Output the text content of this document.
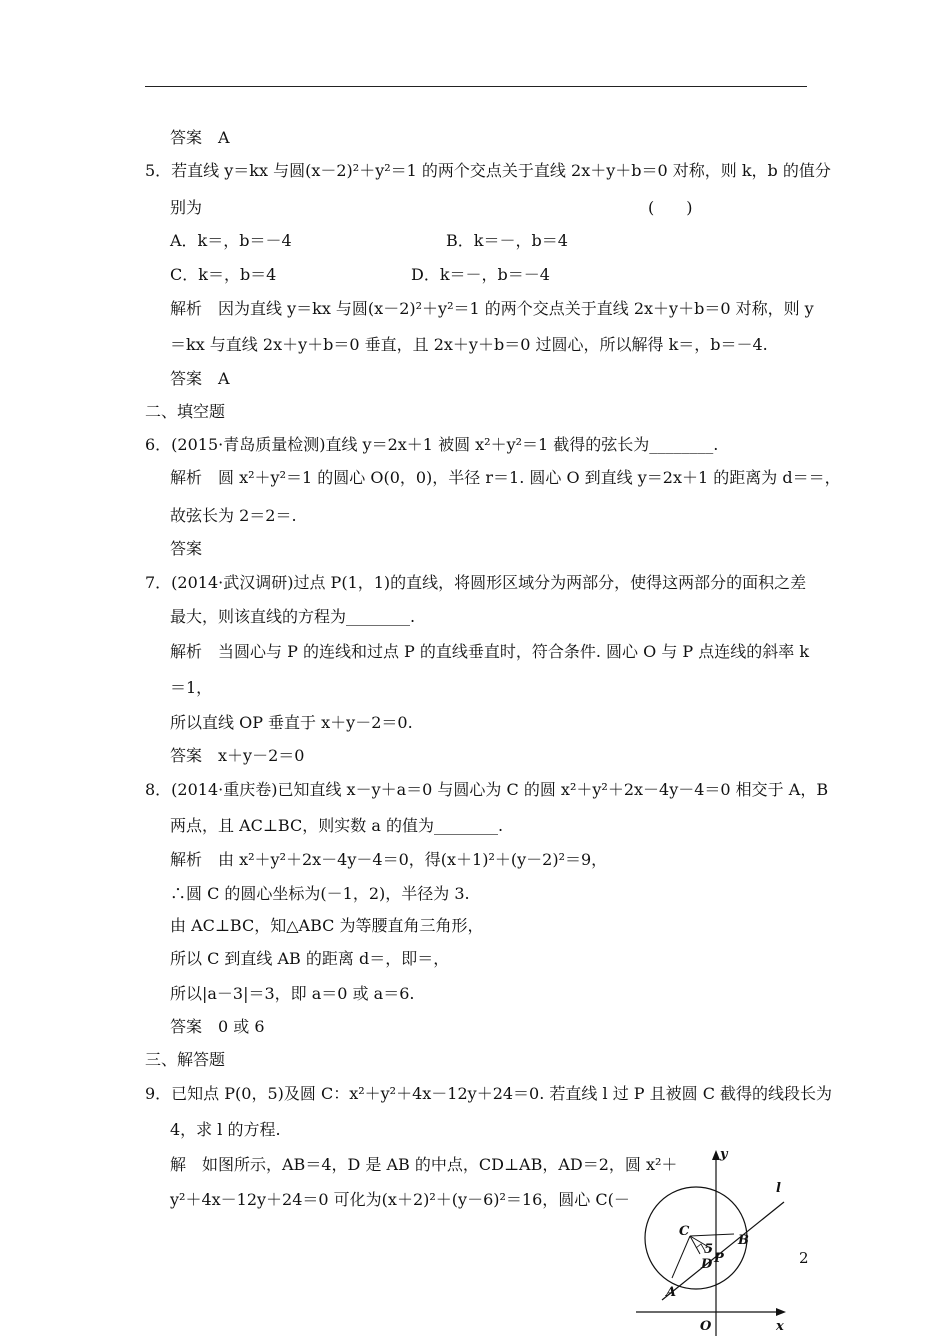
答案　A
5．若直线 y＝kx 与圆(x－2)²＋y²＝1 的两个交点关于直线 2x＋y＋b＝0 对称，则 k，b 的值分
别为	(　　)
A．k＝，b＝－4	B．k＝－，b＝4
C．k＝，b＝4	D．k＝－，b＝－4
解析　因为直线 y＝kx 与圆(x－2)²＋y²＝1 的两个交点关于直线 2x＋y＋b＝0 对称，则 y
＝kx 与直线 2x＋y＋b＝0 垂直，且 2x＋y＋b＝0 过圆心，所以解得 k＝，b＝－4.
答案　A
二、填空题
6．(2015·青岛质量检测)直线 y＝2x＋1 被圆 x²＋y²＝1 截得的弦长为________.
解析　圆 x²＋y²＝1 的圆心 O(0，0)，半径 r＝1. 圆心 O 到直线 y＝2x＋1 的距离为 d＝＝，
故弦长为 2＝2＝.
答案
7．(2014·武汉调研)过点 P(1，1)的直线，将圆形区域分为两部分，使得这两部分的面积之差
最大，则该直线的方程为________.
解析　当圆心与 P 的连线和过点 P 的直线垂直时，符合条件. 圆心 O 与 P 点连线的斜率 k
＝1，
所以直线 OP 垂直于 x＋y－2＝0.
答案　x＋y－2＝0
8．(2014·重庆卷)已知直线 x－y＋a＝0 与圆心为 C 的圆 x²＋y²＋2x－4y－4＝0 相交于 A，B
两点，且 AC⊥BC，则实数 a 的值为________.
解析　由 x²＋y²＋2x－4y－4＝0，得(x＋1)²＋(y－2)²＝9，
∴圆 C 的圆心坐标为(－1，2)，半径为 3.
由 AC⊥BC，知△ABC 为等腰直角三角形，
所以 C 到直线 AB 的距离 d＝，即＝，
所以|a－3|＝3，即 a＝0 或 a＝6.
答案　0 或 6
三、解答题
9．已知点 P(0，5)及圆 C：x²＋y²＋4x－12y＋24＝0. 若直线 l 过 P 且被圆 C 截得的线段长为
4，求 l 的方程.
解　如图所示，AB＝4，D 是 AB 的中点，CD⊥AB，AD＝2，圆 x²＋
y²＋4x－12y＋24＝0 可化为(x＋2)²＋(y－6)²＝16，圆心 C(－
2
y
l
C
5
P
B
D
A
O	x
